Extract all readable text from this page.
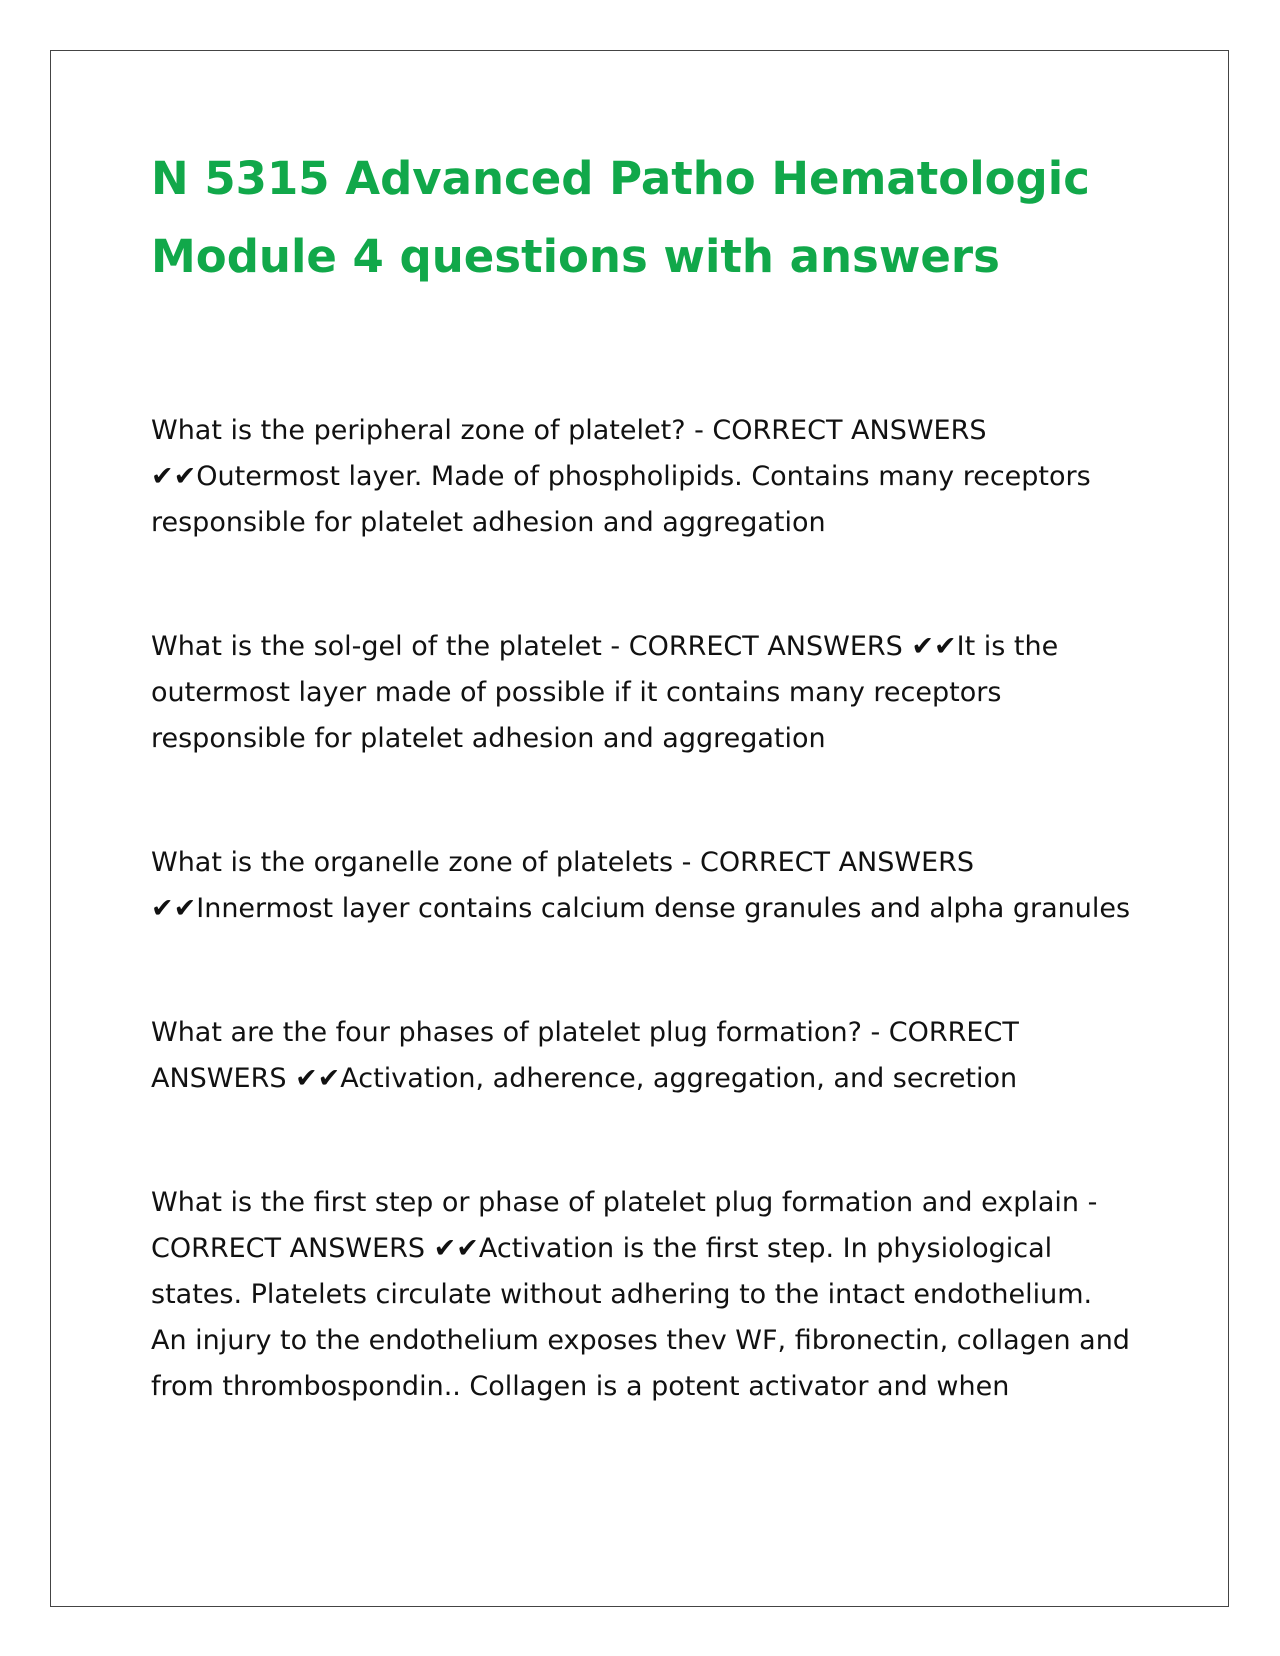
N 5315 Advanced Patho Hematologic
Module 4 questions with answers

What is the peripheral zone of platelet? - CORRECT ANSWERS ✔✔Outermost layer. Made of phospholipids. Contains many receptors responsible for platelet adhesion and aggregation

What is the sol-gel of the platelet - CORRECT ANSWERS ✔✔It is the outermost layer made of possible if it contains many receptors responsible for platelet adhesion and aggregation

What is the organelle zone of platelets - CORRECT ANSWERS ✔✔Innermost layer contains calcium dense granules and alpha granules

What are the four phases of platelet plug formation? - CORRECT ANSWERS ✔✔Activation, adherence, aggregation, and secretion

What is the first step or phase of platelet plug formation and explain - CORRECT ANSWERS ✔✔Activation is the first step. In physiological states. Platelets circulate without adhering to the intact endothelium. An injury to the endothelium exposes thev WF, fibronectin, collagen and from thrombospondin.. Collagen is a potent activator and when
